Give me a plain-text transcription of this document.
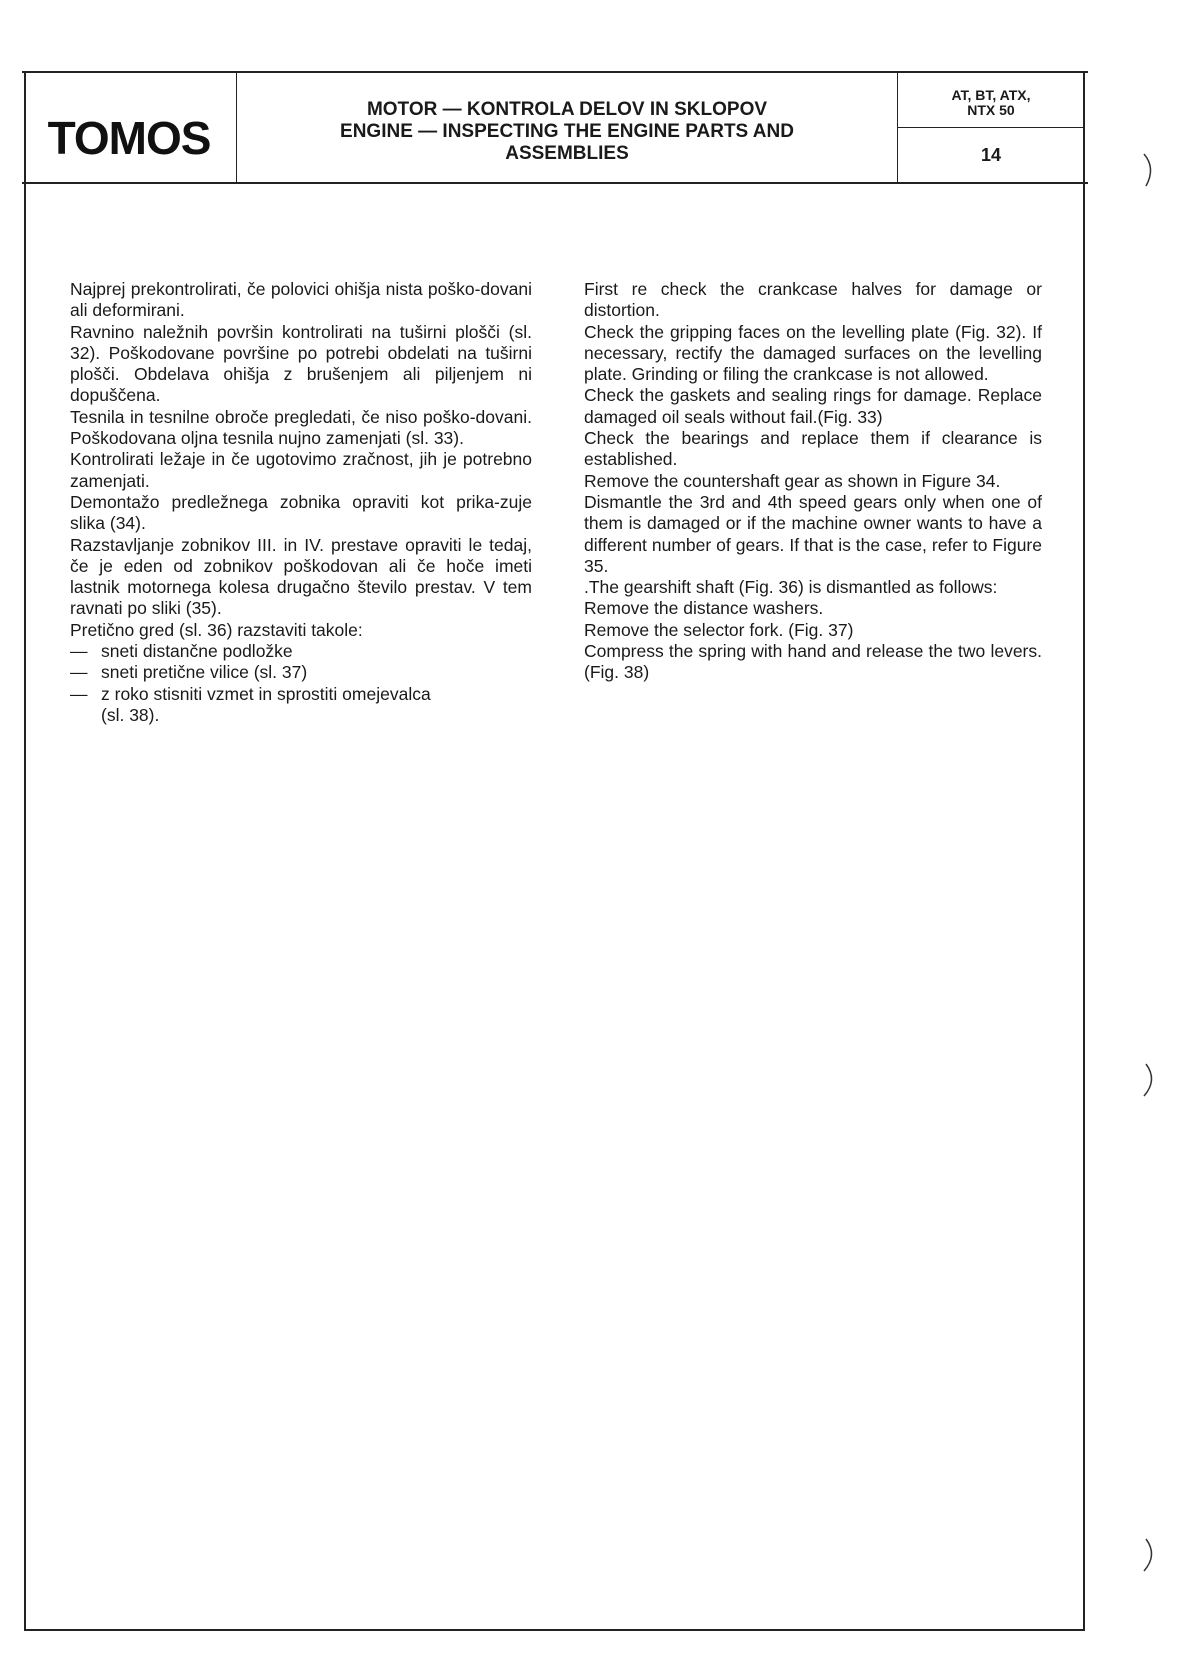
TOMOS
MOTOR — KONTROLA DELOV IN SKLOPOV
ENGINE — INSPECTING THE ENGINE PARTS AND
ASSEMBLIES
AT, BT, ATX,
NTX 50
14

Najprej prekontrolirati, če polovici ohišja nista poško-dovani ali deformirani.

Ravnino naležnih površin kontrolirati na tuširni plošči (sl. 32). Poškodovane površine po potrebi obdelati na tuširni plošči. Obdelava ohišja z brušenjem ali piljenjem ni dopuščena.

Tesnila in tesnilne obroče pregledati, če niso poško-dovani. Poškodovana oljna tesnila nujno zamenjati (sl. 33).

Kontrolirati ležaje in če ugotovimo zračnost, jih je potrebno zamenjati.

Demontažo predležnega zobnika opraviti kot prika-zuje slika (34).

Razstavljanje zobnikov III. in IV. prestave opraviti le tedaj, če je eden od zobnikov poškodovan ali če hoče imeti lastnik motornega kolesa drugačno število prestav. V tem ravnati po sliki (35).

Pretično gred (sl. 36) razstaviti takole:

— sneti distančne podložke
— sneti pretične vilice (sl. 37)
— z roko stisniti vzmet in sprostiti omejevalca
(sl. 38).

First re check the crankcase halves for damage or distortion.

Check the gripping faces on the levelling plate (Fig. 32). If necessary, rectify the damaged surfaces on the levelling plate. Grinding or filing the crankcase is not allowed.

Check the gaskets and sealing rings for damage. Replace damaged oil seals without fail.(Fig. 33)

Check the bearings and replace them if clearance is established.

Remove the countershaft gear as shown in Figure 34.

Dismantle the 3rd and 4th speed gears only when one of them is damaged or if the machine owner wants to have a different number of gears. If that is the case, refer to Figure 35.

.The gearshift shaft (Fig. 36) is dismantled as follows:

Remove the distance washers.

Remove the selector fork. (Fig. 37)

Compress the spring with hand and release the two levers. (Fig. 38)
